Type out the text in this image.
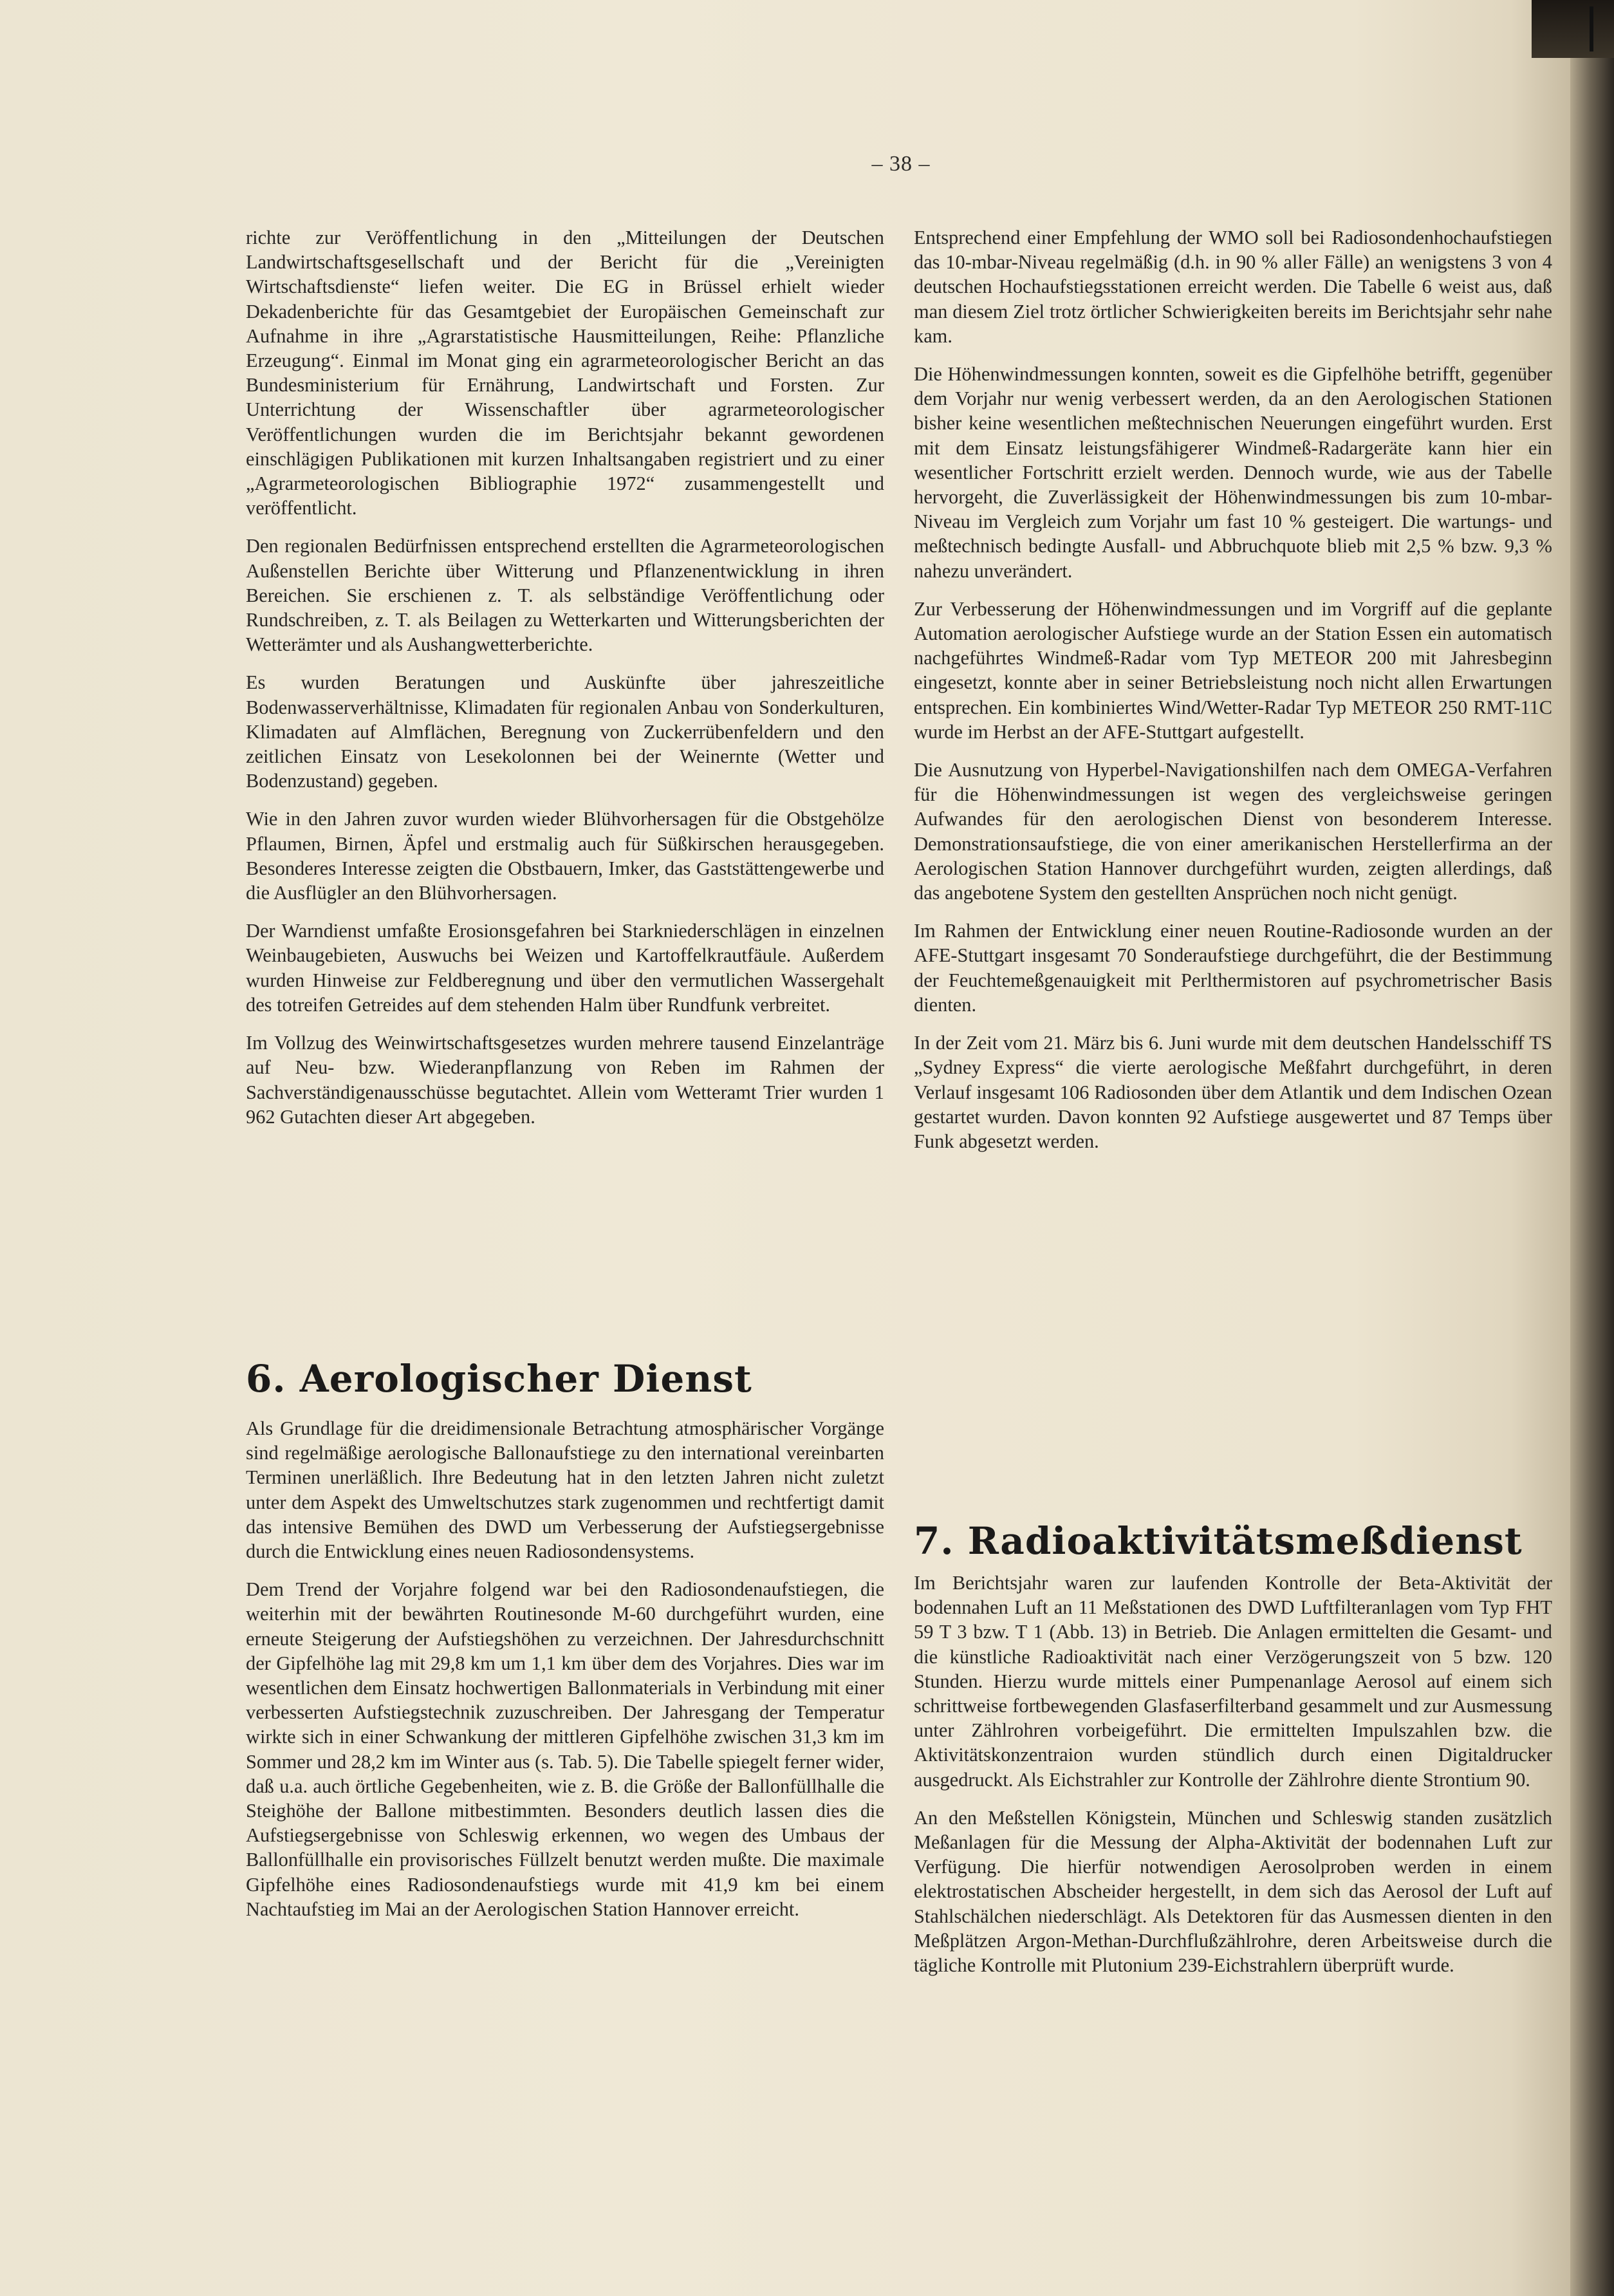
– 38 –

richte zur Veröffentlichung in den „Mitteilungen der Deutschen Landwirtschaftsgesellschaft und der Bericht für die „Vereinigten Wirtschaftsdienste“ liefen weiter. Die EG in Brüssel erhielt wieder Dekadenberichte für das Gesamtgebiet der Europäischen Gemeinschaft zur Aufnahme in ihre „Agrarstatistische Hausmitteilungen, Reihe: Pflanzliche Erzeugung“. Einmal im Monat ging ein agrarmeteorologischer Bericht an das Bundesministerium für Ernährung, Landwirtschaft und Forsten. Zur Unterrichtung der Wissenschaftler über agrarmeteorologischer Veröffentlichungen wurden die im Berichtsjahr bekannt gewordenen einschlägigen Publikationen mit kurzen Inhaltsangaben registriert und zu einer „Agrarmeteorologischen Bibliographie 1972“ zusammengestellt und veröffentlicht.

Den regionalen Bedürfnissen entsprechend erstellten die Agrarmeteorologischen Außenstellen Berichte über Witterung und Pflanzenentwicklung in ihren Bereichen. Sie erschienen z. T. als selbständige Veröffentlichung oder Rundschreiben, z. T. als Beilagen zu Wetterkarten und Witterungsberichten der Wetterämter und als Aushangwetterberichte.

Es wurden Beratungen und Auskünfte über jahreszeitliche Bodenwasserverhältnisse, Klimadaten für regionalen Anbau von Sonderkulturen, Klimadaten auf Almflächen, Beregnung von Zuckerrübenfeldern und den zeitlichen Einsatz von Lesekolonnen bei der Weinernte (Wetter und Bodenzustand) gegeben.

Wie in den Jahren zuvor wurden wieder Blühvorhersagen für die Obstgehölze Pflaumen, Birnen, Äpfel und erstmalig auch für Süßkirschen herausgegeben. Besonderes Interesse zeigten die Obstbauern, Imker, das Gaststättengewerbe und die Ausflügler an den Blühvorhersagen.

Der Warndienst umfaßte Erosionsgefahren bei Starkniederschlägen in einzelnen Weinbaugebieten, Auswuchs bei Weizen und Kartoffelkrautfäule. Außerdem wurden Hinweise zur Feldberegnung und über den vermutlichen Wassergehalt des totreifen Getreides auf dem stehenden Halm über Rundfunk verbreitet.

Im Vollzug des Weinwirtschaftsgesetzes wurden mehrere tausend Einzelanträge auf Neu- bzw. Wiederanpflanzung von Reben im Rahmen der Sachverständigenausschüsse begutachtet. Allein vom Wetteramt Trier wurden 1 962 Gutachten dieser Art abgegeben.

6. Aerologischer Dienst

Als Grundlage für die dreidimensionale Betrachtung atmosphärischer Vorgänge sind regelmäßige aerologische Ballonaufstiege zu den international vereinbarten Terminen unerläßlich. Ihre Bedeutung hat in den letzten Jahren nicht zuletzt unter dem Aspekt des Umweltschutzes stark zugenommen und rechtfertigt damit das intensive Bemühen des DWD um Verbesserung der Aufstiegsergebnisse durch die Entwicklung eines neuen Radiosondensystems.

Dem Trend der Vorjahre folgend war bei den Radiosondenaufstiegen, die weiterhin mit der bewährten Routinesonde M-60 durchgeführt wurden, eine erneute Steigerung der Aufstiegshöhen zu verzeichnen. Der Jahresdurchschnitt der Gipfelhöhe lag mit 29,8 km um 1,1 km über dem des Vorjahres. Dies war im wesentlichen dem Einsatz hochwertigen Ballonmaterials in Verbindung mit einer verbesserten Aufstiegstechnik zuzuschreiben. Der Jahresgang der Temperatur wirkte sich in einer Schwankung der mittleren Gipfelhöhe zwischen 31,3 km im Sommer und 28,2 km im Winter aus (s. Tab. 5). Die Tabelle spiegelt ferner wider, daß u.a. auch örtliche Gegebenheiten, wie z. B. die Größe der Ballonfüllhalle die Steighöhe der Ballone mitbestimmten. Besonders deutlich lassen dies die Aufstiegsergebnisse von Schleswig erkennen, wo wegen des Umbaus der Ballonfüllhalle ein provisorisches Füllzelt benutzt werden mußte. Die maximale Gipfelhöhe eines Radiosondenaufstiegs wurde mit 41,9 km bei einem Nachtaufstieg im Mai an der Aerologischen Station Hannover erreicht.

Entsprechend einer Empfehlung der WMO soll bei Radiosondenhochaufstiegen das 10-mbar-Niveau regelmäßig (d.h. in 90 % aller Fälle) an wenigstens 3 von 4 deutschen Hochaufstiegsstationen erreicht werden. Die Tabelle 6 weist aus, daß man diesem Ziel trotz örtlicher Schwierigkeiten bereits im Berichtsjahr sehr nahe kam.

Die Höhenwindmessungen konnten, soweit es die Gipfelhöhe betrifft, gegenüber dem Vorjahr nur wenig verbessert werden, da an den Aerologischen Stationen bisher keine wesentlichen meßtechnischen Neuerungen eingeführt wurden. Erst mit dem Einsatz leistungsfähigerer Windmeß-Radargeräte kann hier ein wesentlicher Fortschritt erzielt werden. Dennoch wurde, wie aus der Tabelle hervorgeht, die Zuverlässigkeit der Höhenwindmessungen bis zum 10-mbar-Niveau im Vergleich zum Vorjahr um fast 10 % gesteigert. Die wartungs- und meßtechnisch bedingte Ausfall- und Abbruchquote blieb mit 2,5 % bzw. 9,3 % nahezu unverändert.

Zur Verbesserung der Höhenwindmessungen und im Vorgriff auf die geplante Automation aerologischer Aufstiege wurde an der Station Essen ein automatisch nachgeführtes Windmeß-Radar vom Typ METEOR 200 mit Jahresbeginn eingesetzt, konnte aber in seiner Betriebsleistung noch nicht allen Erwartungen entsprechen. Ein kombiniertes Wind/Wetter-Radar Typ METEOR 250 RMT-11C wurde im Herbst an der AFE-Stuttgart aufgestellt.

Die Ausnutzung von Hyperbel-Navigationshilfen nach dem OMEGA-Verfahren für die Höhenwindmessungen ist wegen des vergleichsweise geringen Aufwandes für den aerologischen Dienst von besonderem Interesse. Demonstrationsaufstiege, die von einer amerikanischen Herstellerfirma an der Aerologischen Station Hannover durchgeführt wurden, zeigten allerdings, daß das angebotene System den gestellten Ansprüchen noch nicht genügt.

Im Rahmen der Entwicklung einer neuen Routine-Radiosonde wurden an der AFE-Stuttgart insgesamt 70 Sonderaufstiege durchgeführt, die der Bestimmung der Feuchtemeßgenauigkeit mit Perlthermistoren auf psychrometrischer Basis dienten.

In der Zeit vom 21. März bis 6. Juni wurde mit dem deutschen Handelsschiff TS „Sydney Express“ die vierte aerologische Meßfahrt durchgeführt, in deren Verlauf insgesamt 106 Radiosonden über dem Atlantik und dem Indischen Ozean gestartet wurden. Davon konnten 92 Aufstiege ausgewertet und 87 Temps über Funk abgesetzt werden.

7. Radioaktivitätsmeßdienst

Im Berichtsjahr waren zur laufenden Kontrolle der Beta-Aktivität der bodennahen Luft an 11 Meßstationen des DWD Luftfilteranlagen vom Typ FHT 59 T 3 bzw. T 1 (Abb. 13) in Betrieb. Die Anlagen ermittelten die Gesamt- und die künstliche Radioaktivität nach einer Verzögerungszeit von 5 bzw. 120 Stunden. Hierzu wurde mittels einer Pumpenanlage Aerosol auf einem sich schrittweise fortbewegenden Glasfaserfilterband gesammelt und zur Ausmessung unter Zählrohren vorbeigeführt. Die ermittelten Impulszahlen bzw. die Aktivitätskonzentraion wurden stündlich durch einen Digitaldrucker ausgedruckt. Als Eichstrahler zur Kontrolle der Zählrohre diente Strontium 90.

An den Meßstellen Königstein, München und Schleswig standen zusätzlich Meßanlagen für die Messung der Alpha-Aktivität der bodennahen Luft zur Verfügung. Die hierfür notwendigen Aerosolproben werden in einem elektrostatischen Abscheider hergestellt, in dem sich das Aerosol der Luft auf Stahlschälchen niederschlägt. Als Detektoren für das Ausmessen dienten in den Meßplätzen Argon-Methan-Durchflußzählrohre, deren Arbeitsweise durch die tägliche Kontrolle mit Plutonium 239-Eichstrahlern überprüft wurde.
